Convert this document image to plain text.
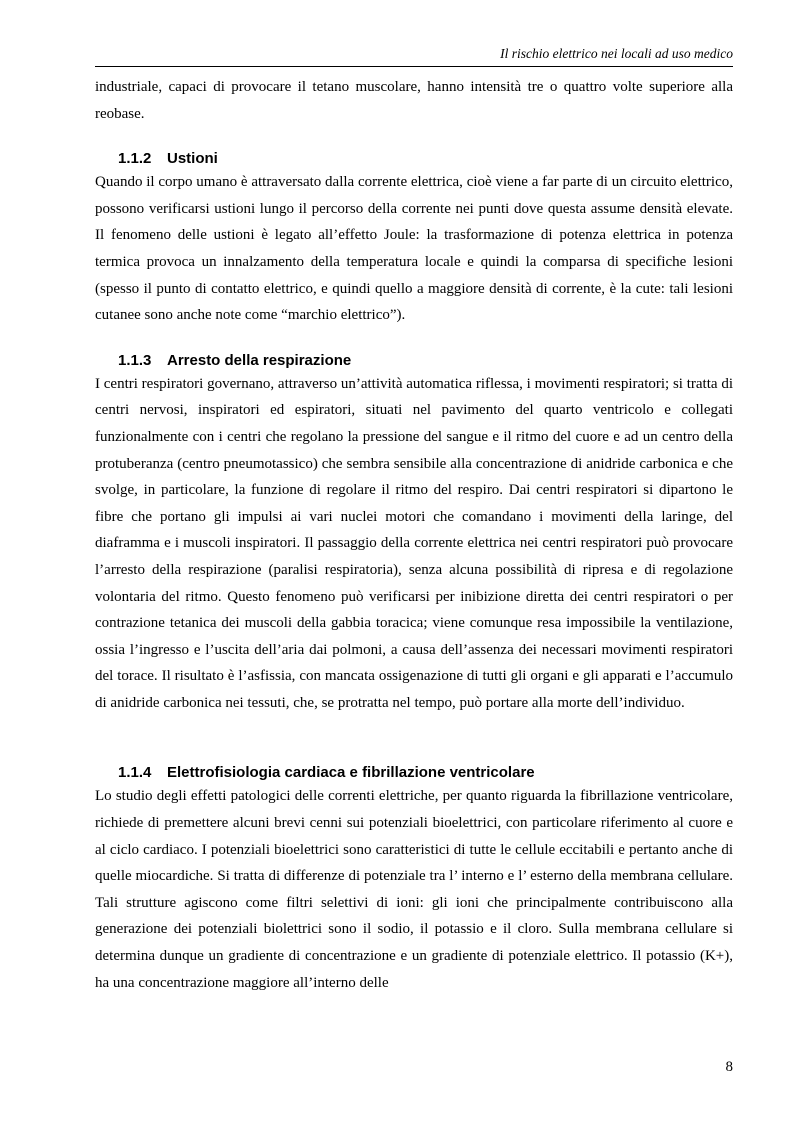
Il rischio elettrico nei locali ad uso medico

industriale, capaci di provocare il tetano muscolare, hanno intensità tre o quattro volte superiore alla reobase.

1.1.2 Ustioni

Quando il corpo umano è attraversato dalla corrente elettrica, cioè viene a far parte di un circuito elettrico, possono verificarsi ustioni lungo il percorso della corrente nei punti dove questa assume densità elevate. Il fenomeno delle ustioni è legato all’effetto Joule: la trasformazione di potenza elettrica in potenza termica provoca un innalzamento della temperatura locale e quindi la comparsa di specifiche lesioni (spesso il punto di contatto elettrico, e quindi quello a maggiore densità di corrente, è la cute: tali lesioni cutanee sono anche note come “marchio elettrico”).

1.1.3 Arresto della respirazione

I centri respiratori governano, attraverso un’attività automatica riflessa, i movimenti respiratori; si tratta di centri nervosi, inspiratori ed espiratori, situati nel pavimento del quarto ventricolo e collegati funzionalmente con i centri che regolano la pressione del sangue e il ritmo del cuore e ad un centro della protuberanza (centro pneumotassico) che sembra sensibile alla concentrazione di anidride carbonica e che svolge, in particolare, la funzione di regolare il ritmo del respiro. Dai centri respiratori si dipartono le fibre che portano gli impulsi ai vari nuclei motori che comandano i movimenti della laringe, del diaframma e i muscoli inspiratori. Il passaggio della corrente elettrica nei centri respiratori può provocare l’arresto della respirazione (paralisi respiratoria), senza alcuna possibilità di ripresa e di regolazione volontaria del ritmo. Questo fenomeno può verificarsi per inibizione diretta dei centri respiratori o per contrazione tetanica dei muscoli della gabbia toracica; viene comunque resa impossibile la ventilazione, ossia l’ingresso e l’uscita dell’aria dai polmoni, a causa dell’assenza dei necessari movimenti respiratori del torace. Il risultato è l’asfissia, con mancata ossigenazione di tutti gli organi e gli apparati e l’accumulo di anidride carbonica nei tessuti, che, se protratta nel tempo, può portare alla morte dell’individuo.

1.1.4 Elettrofisiologia cardiaca e fibrillazione ventricolare

Lo studio degli effetti patologici delle correnti elettriche, per quanto riguarda la fibrillazione ventricolare, richiede di premettere alcuni brevi cenni sui potenziali bioelettrici, con particolare riferimento al cuore e al ciclo cardiaco. I potenziali bioelettrici sono caratteristici di tutte le cellule eccitabili e pertanto anche di quelle miocardiche. Si tratta di differenze di potenziale tra l’ interno e l’ esterno della membrana cellulare. Tali strutture agiscono come filtri selettivi di ioni: gli ioni che principalmente contribuiscono alla generazione dei potenziali biolettrici sono il sodio, il potassio e il cloro. Sulla membrana cellulare si determina dunque un gradiente di concentrazione e un gradiente di potenziale elettrico. Il potassio (K+), ha una concentrazione maggiore all’interno delle

8
